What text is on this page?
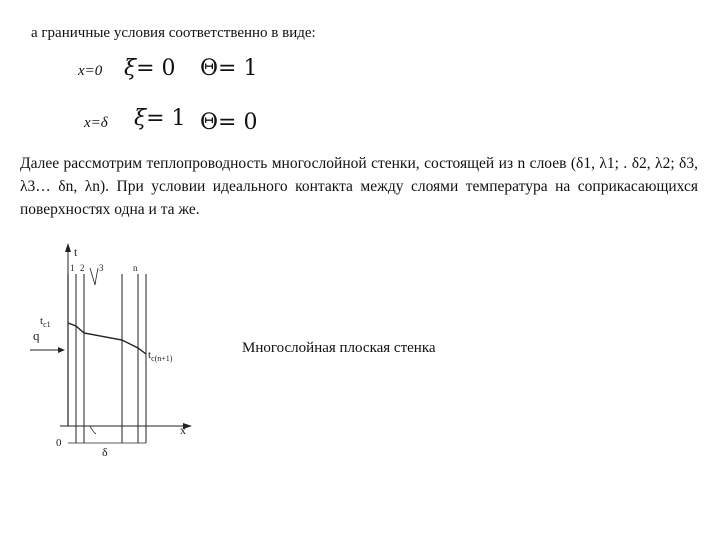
а граничные условия соответственно в виде:
x=0 ξ= 0 Θ= 1
x=δ ξ= 1 Θ= 0
Далее рассмотрим теплопроводность многослойной стенки, состоящей из n слоев (δ1, λ1; . δ2, λ2; δ3, λ3… δn, λn). При условии идеального контакта между слоями температура на соприкасающихся поверхностях одна и та же.
t
x
0
1 2 3	n
q
$t_{c1}$
$t_{c(n+1)}$
δ
Многослойная плоская стенка
